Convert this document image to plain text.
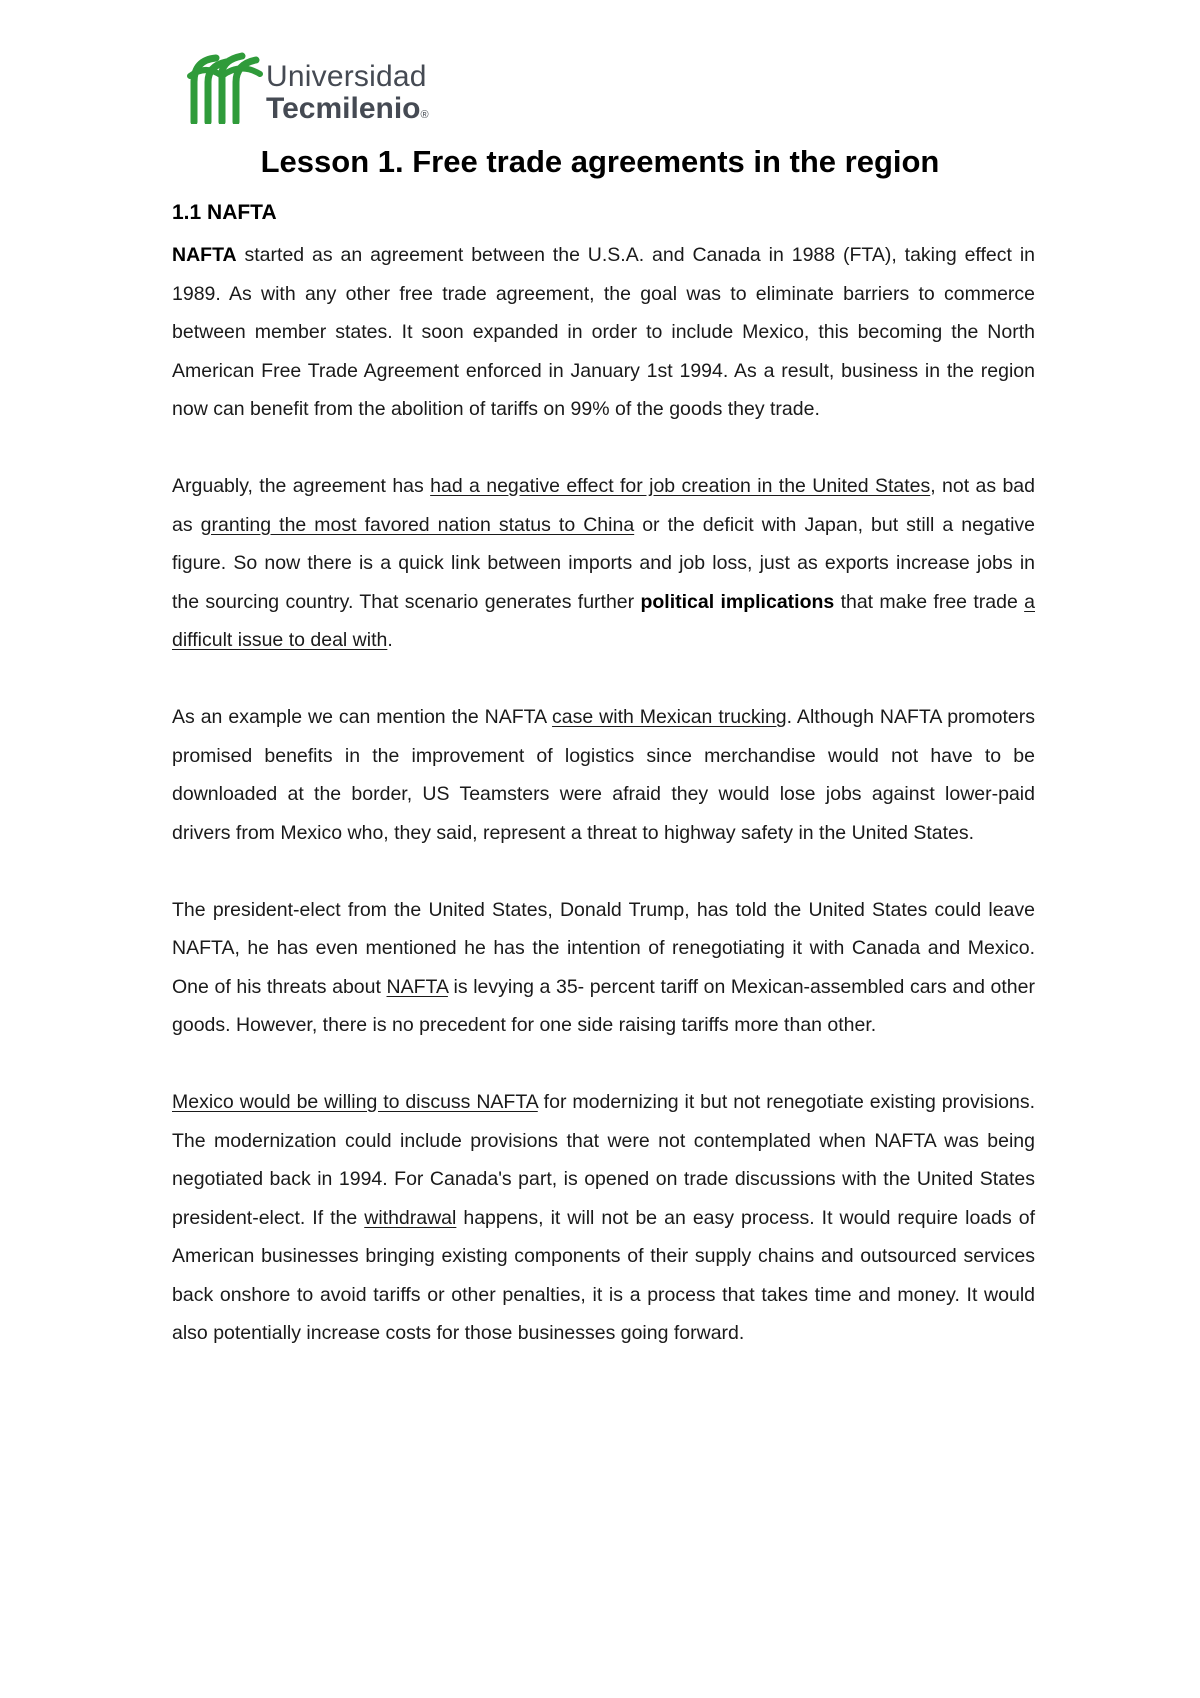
Universidad
Tecmilenio®
Lesson 1. Free trade agreements in the region
1.1 NAFTA

NAFTA started as an agreement between the U.S.A. and Canada in 1988 (FTA), taking effect in 1989. As with any other free trade agreement, the goal was to eliminate barriers to commerce between member states. It soon expanded in order to include Mexico, this becoming the North American Free Trade Agreement enforced in January 1st 1994. As a result, business in the region now can benefit from the abolition of tariffs on 99% of the goods they trade.

Arguably, the agreement has had a negative effect for job creation in the United States, not as bad as granting the most favored nation status to China or the deficit with Japan, but still a negative figure. So now there is a quick link between imports and job loss, just as exports increase jobs in the sourcing country. That scenario generates further political implications that make free trade a difficult issue to deal with.

As an example we can mention the NAFTA case with Mexican trucking. Although NAFTA promoters promised benefits in the improvement of logistics since merchandise would not have to be downloaded at the border, US Teamsters were afraid they would lose jobs against lower-paid drivers from Mexico who, they said, represent a threat to highway safety in the United States.

The president-elect from the United States, Donald Trump, has told the United States could leave NAFTA, he has even mentioned he has the intention of renegotiating it with Canada and Mexico. One of his threats about NAFTA is levying a 35- percent tariff on Mexican-assembled cars and other goods. However, there is no precedent for one side raising tariffs more than other.

Mexico would be willing to discuss NAFTA for modernizing it but not renegotiate existing provisions. The modernization could include provisions that were not contemplated when NAFTA was being negotiated back in 1994. For Canada's part, is opened on trade discussions with the United States president-elect. If the withdrawal happens, it will not be an easy process. It would require loads of American businesses bringing existing components of their supply chains and outsourced services back onshore to avoid tariffs or other penalties, it is a process that takes time and money. It would also potentially increase costs for those businesses going forward.
